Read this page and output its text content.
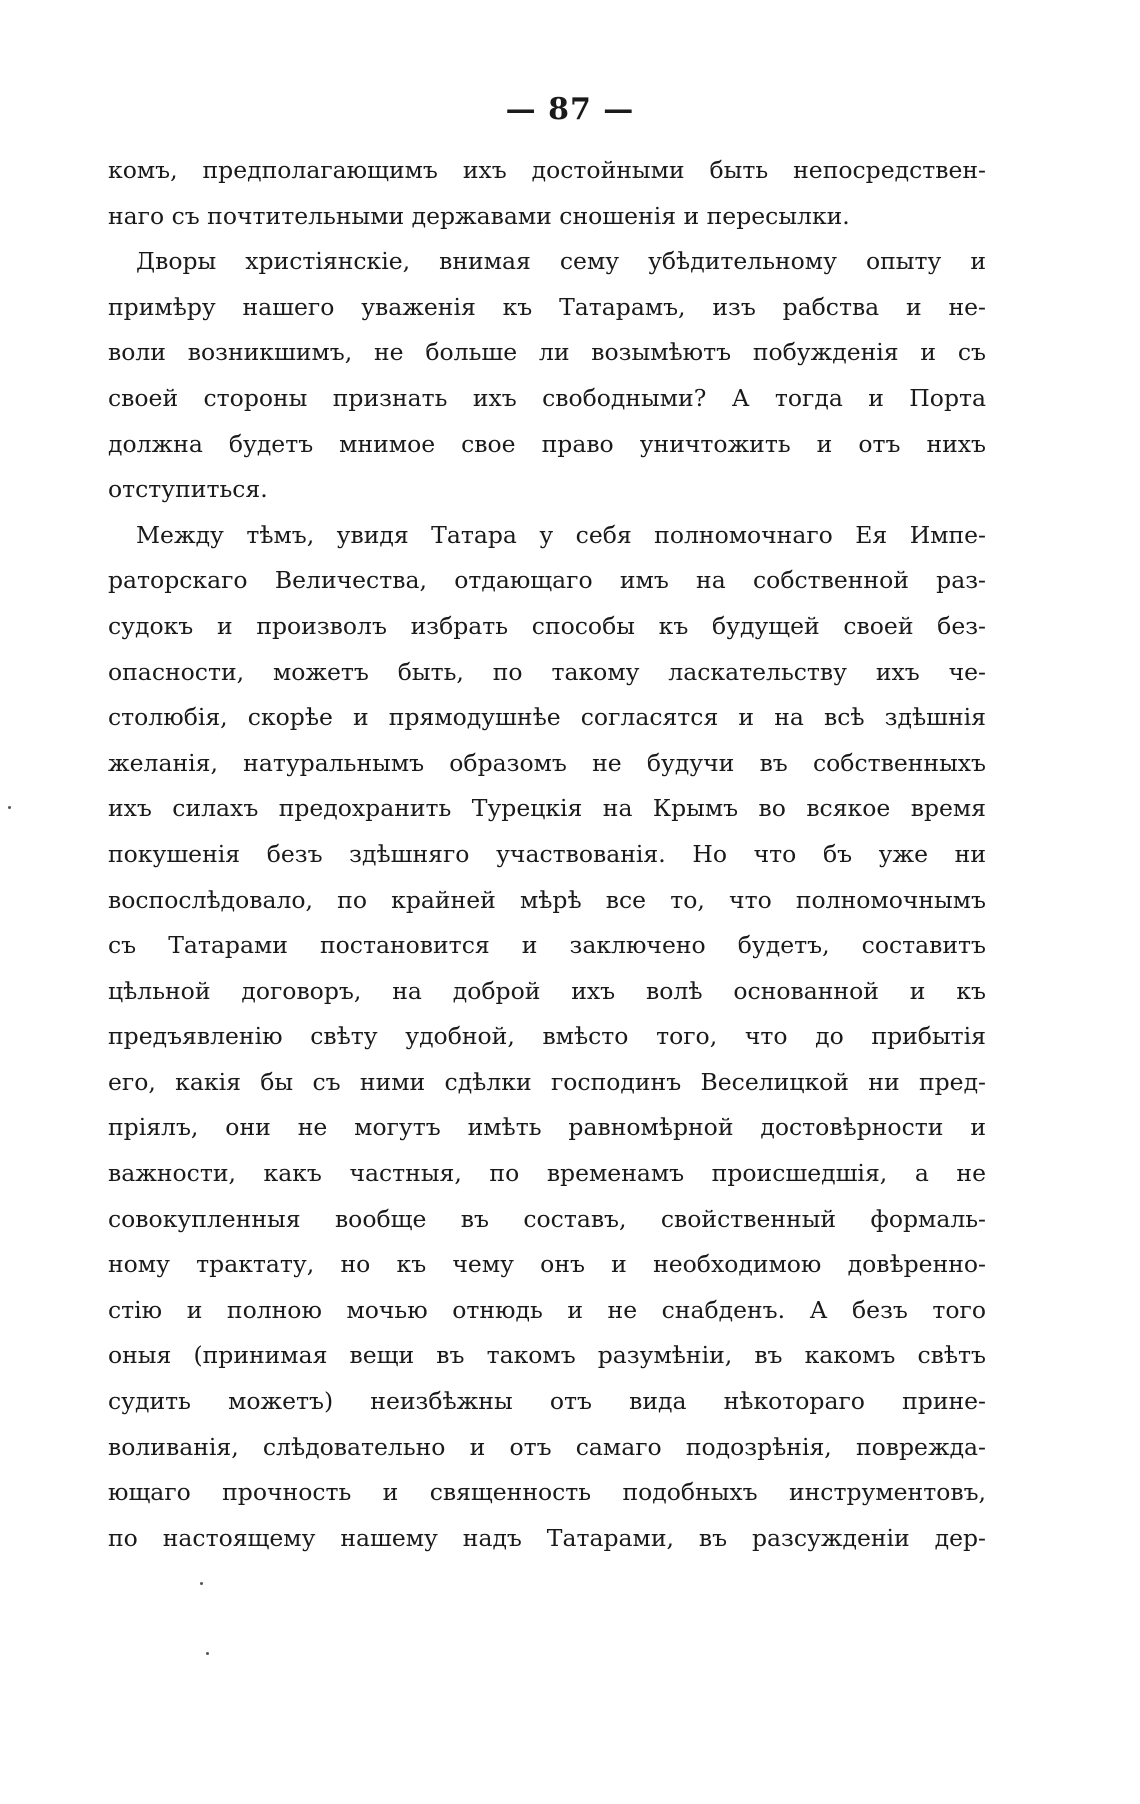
— 87 —
комъ, предполагающимъ ихъ достойными быть непосредствен-
наго съ почтительными державами сношенія и пересылки.
Дворы христіянскіе, внимая сему убѣдительному опыту и
примѣру нашего уваженія къ Татарамъ, изъ рабства и не-
воли возникшимъ, не больше ли возымѣютъ побужденія и съ
своей стороны признать ихъ свободными? А тогда и Порта
должна будетъ мнимое свое право уничтожить и отъ нихъ
отступиться.
Между тѣмъ, увидя Татара у себя полномочнаго Ея Импе-
раторскаго Величества, отдающаго имъ на собственной раз-
судокъ и произволъ избрать способы къ будущей своей без-
опасности, можетъ быть, по такому ласкательству ихъ че-
столюбія, скорѣе и прямодушнѣе согласятся и на всѣ здѣшнія
желанія, натуральнымъ образомъ не будучи въ собственныхъ
ихъ силахъ предохранить Турецкія на Крымъ во всякое время
покушенія безъ здѣшняго участвованія. Но что бъ уже ни
воспослѣдовало, по крайней мѣрѣ все то, что полномочнымъ
съ Татарами постановится и заключено будетъ, составитъ
цѣльной договоръ, на доброй ихъ волѣ основанной и къ
предъявленію свѣту удобной, вмѣсто того, что до прибытія
его, какія бы съ ними сдѣлки господинъ Веселицкой ни пред-
пріялъ, они не могутъ имѣть равномѣрной достовѣрности и
важности, какъ частныя, по временамъ происшедшія, а не
совокупленныя вообще въ составъ, свойственный формаль-
ному трактату, но къ чему онъ и необходимою довѣренно-
стію и полною мочью отнюдь и не снабденъ. А безъ того
оныя (принимая вещи въ такомъ разумѣніи, въ какомъ свѣтъ
судить можетъ) неизбѣжны отъ вида нѣкотораго прине-
воливанія, слѣдовательно и отъ самаго подозрѣнія, поврежда-
ющаго прочность и священность подобныхъ инструментовъ,
по настоящему нашему надъ Татарами, въ разсужденіи дер-
